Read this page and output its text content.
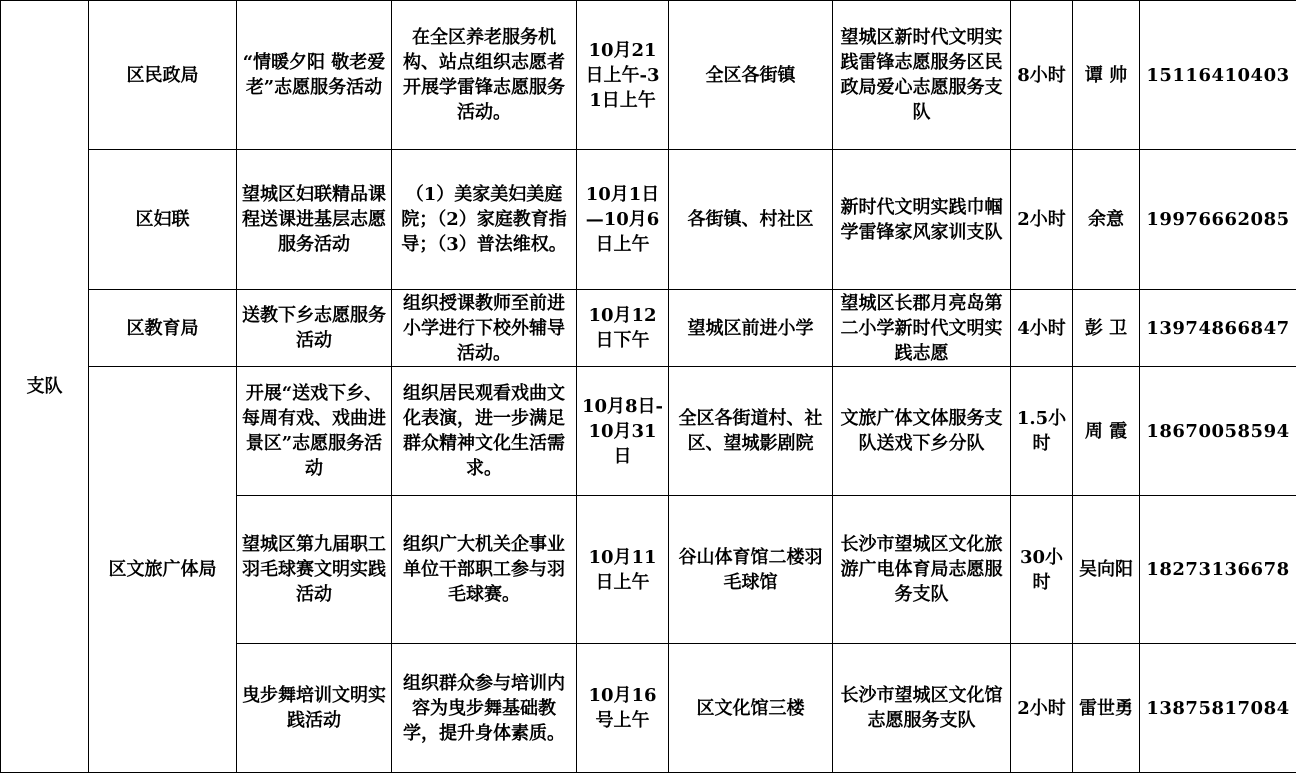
支队	区民政局	“情暖夕阳 敬老爱老”志愿服务活动	在全区养老服务机构、站点组织志愿者开展学雷锋志愿服务活动。	10月21日上午-31日上午	全区各街镇	望城区新时代文明实践雷锋志愿服务区民政局爱心志愿服务支队	8小时	谭 帅	15116410403
	区妇联	望城区妇联精品课程送课进基层志愿服务活动	（1）美家美妇美庭院；（2）家庭教育指导；（3）普法维权。	10月1日—10月6日上午	各街镇、村社区	新时代文明实践巾帼学雷锋家风家训支队	2小时	余意	19976662085
	区教育局	送教下乡志愿服务活动	组织授课教师至前进小学进行下校外辅导活动。	10月12日下午	望城区前进小学	望城区长郡月亮岛第二小学新时代文明实践志愿	4小时	彭 卫	13974866847
	区文旅广体局	开展“送戏下乡、每周有戏、戏曲进景区”志愿服务活动	组织居民观看戏曲文化表演，进一步满足群众精神文化生活需求。	10月8日-10月31日	全区各街道村、社区、望城影剧院	文旅广体文体服务支队送戏下乡分队	1.5小时	周 霞	18670058594
		望城区第九届职工羽毛球赛文明实践活动	组织广大机关企事业单位干部职工参与羽毛球赛。	10月11日上午	谷山体育馆二楼羽毛球馆	长沙市望城区文化旅游广电体育局志愿服务支队	30小时	吴向阳	18273136678
		曳步舞培训文明实践活动	组织群众参与培训内容为曳步舞基础教学，提升身体素质。	10月16号上午	区文化馆三楼	长沙市望城区文化馆志愿服务支队	2小时	雷世勇	13875817084
